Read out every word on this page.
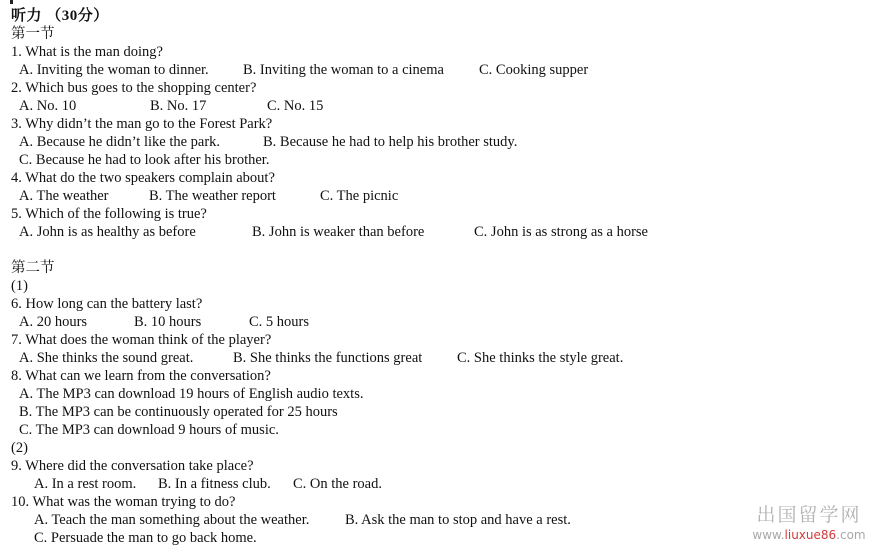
听力 （30分）
第一节
1. What is the man doing?
A. Inviting the woman to dinner. B. Inviting the woman to a cinema C. Cooking supper
2. Which bus goes to the shopping center?
A. No. 10	B. No. 17	C. No. 15
3. Why didn’t the man go to the Forest Park?
A. Because he didn’t like the park.	B. Because he had to help his brother study.
C. Because he had to look after his brother.
4. What do the two speakers complain about?
A. The weather	B. The weather report	C. The picnic
5. Which of the following is true?
A. John is as healthy as before	B. John is weaker than before	C. John is as strong as a horse
第二节
(1)
6. How long can the battery last?
A. 20 hours	B. 10 hours	C. 5 hours
7. What does the woman think of the player?
A. She thinks the sound great.	B. She thinks the functions great C. She thinks the style great.
8. What can we learn from the conversation?
A. The MP3 can download 19 hours of English audio texts.
B. The MP3 can be continuously operated for 25 hours
C. The MP3 can download 9 hours of music.
(2)
9. Where did the conversation take place?
A. In a rest room. B. In a fitness club. C. On the road.
10. What was the woman trying to do?
A. Teach the man something about the weather. B. Ask the man to stop and have a rest.
C. Persuade the man to go back home.
出国留学网
www.liuxue86.com
